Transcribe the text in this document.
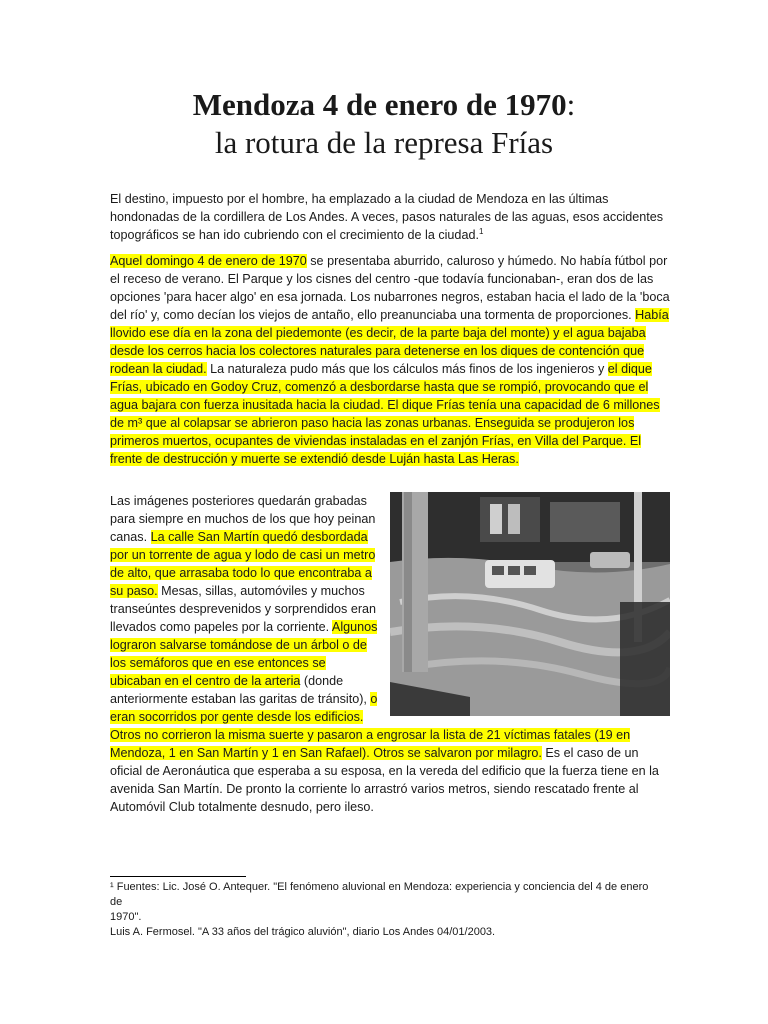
Mendoza 4 de enero de 1970:
la rotura de la represa Frías

El destino, impuesto por el hombre, ha emplazado a la ciudad de Mendoza en las últimas hondonadas de la cordillera de Los Andes. A veces, pasos naturales de las aguas, esos accidentes topográficos se han ido cubriendo con el crecimiento de la ciudad.$^1$

Aquel domingo 4 de enero de 1970 se presentaba aburrido, caluroso y húmedo. No había fútbol por el receso de verano. El Parque y los cisnes del centro -que todavía funcionaban-, eran dos de las opciones 'para hacer algo' en esa jornada. Los nubarrones negros, estaban hacia el lado de la 'boca del río' y, como decían los viejos de antaño, ello preanunciaba una tormenta de proporciones. Había llovido ese día en la zona del piedemonte (es decir, de la parte baja del monte) y el agua bajaba desde los cerros hacia los colectores naturales para detenerse en los diques de contención que rodean la ciudad. La naturaleza pudo más que los cálculos más finos de los ingenieros y el dique Frías, ubicado en Godoy Cruz, comenzó a desbordarse hasta que se rompió, provocando que el agua bajara con fuerza inusitada hacia la ciudad. El dique Frías tenía una capacidad de 6 millones de m³ que al colapsar se abrieron paso hacia las zonas urbanas. Enseguida se produjeron los primeros muertos, ocupantes de viviendas instaladas en el zanjón Frías, en Villa del Parque. El frente de destrucción y muerte se extendió desde Luján hasta Las Heras.

Las imágenes posteriores quedarán grabadas para siempre en muchos de los que hoy peinan canas. La calle San Martín quedó desbordada por un torrente de agua y lodo de casi un metro de alto, que arrasaba todo lo que encontraba a su paso. Mesas, sillas, automóviles y muchos transeúntes desprevenidos y sorprendidos eran llevados como papeles por la corriente. Algunos lograron salvarse tomándose de un árbol o de los semáforos que en ese entonces se ubicaban en el centro de la arteria (donde anteriormente estaban las garitas de tránsito), o eran socorridos por gente desde los edificios. Otros no corrieron la misma suerte y pasaron a engrosar la lista de 21 víctimas fatales (19 en Mendoza, 1 en San Martín y 1 en San Rafael). Otros se salvaron por milagro. Es el caso de un oficial de Aeronáutica que esperaba a su esposa, en la vereda del edificio que la fuerza tiene en la avenida San Martín. De pronto la corriente lo arrastró varios metros, siendo rescatado frente al Automóvil Club totalmente desnudo, pero ileso.
¹ Fuentes: Lic. José O. Antequer. "El fenómeno aluvional en Mendoza: experiencia y conciencia del 4 de enero de
1970".
Luis A. Fermosel. "A 33 años del trágico aluvión", diario Los Andes 04/01/2003.
